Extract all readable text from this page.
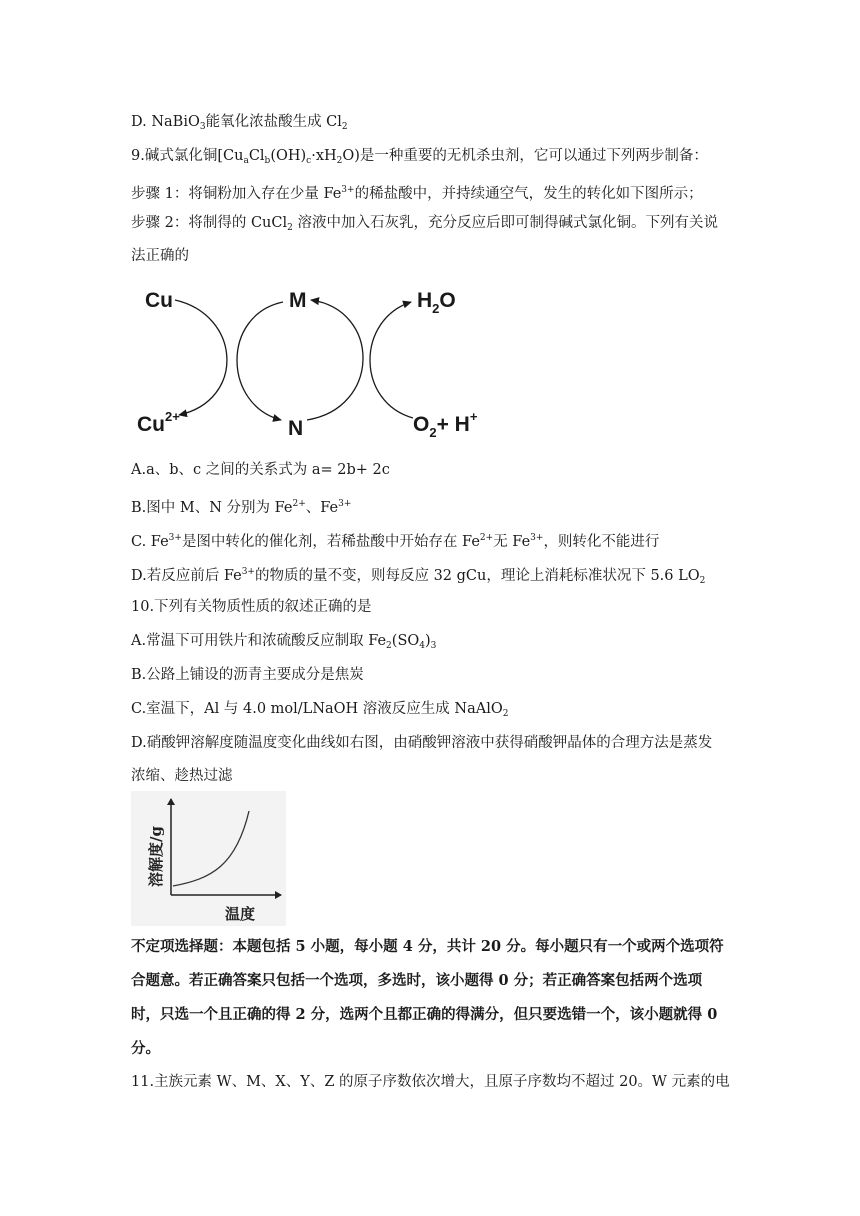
D. NaBiO$_3$能氧化浓盐酸生成 $Cl_2$
9.碱式氯化铜$[Cu_aCl_b(OH)_c\cdot xH_2O)$是一种重要的无机杀虫剂，它可以通过下列两步制备：
步骤 1：将铜粉加入存在少量 $Fe^{3+}$的稀盐酸中，并持续通空气，发生的转化如下图所示；
步骤 2：将制得的 CuCl$_2$ 溶液中加入石灰乳，充分反应后即可制得碱式氯化铜。下列有关说
法正确的
Cu
$Cu^{2+}$
M
N
$H_2O$
$O_2+ H^+$
A.a、b、c 之间的关系式为 a= 2b+ 2c
B.图中 M、N 分别为 $Fe^{2+}$、$Fe^{3+}$
C. $Fe^{3+}$是图中转化的催化剂，若稀盐酸中开始存在 $Fe^{2+}$无 $Fe^{3+}$，则转化不能进行
D.若反应前后 $Fe^{3+}$的物质的量不变，则每反应 32 gCu，理论上消耗标准状况下 5.6 $LO_2$
10.下列有关物质性质的叙述正确的是
A.常温下可用铁片和浓硫酸反应制取 $Fe_2(SO_4)_3$
B.公路上铺设的沥青主要成分是焦炭
C.室温下，Al 与 4.0 mol/LNaOH 溶液反应生成 NaAlO$_2$
D.硝酸钾溶解度随温度变化曲线如右图，由硝酸钾溶液中获得硝酸钾晶体的合理方法是蒸发
浓缩、趁热过滤
溶解度/g
温度
不定项选择题：本题包括 5 小题，每小题 4 分，共计 20 分。每小题只有一个或两个选项符
合题意。若正确答案只包括一个选项，多选时，该小题得 0 分；若正确答案包括两个选项
时，只选一个且正确的得 2 分，选两个且都正确的得满分，但只要选错一个，该小题就得 0
分。
11.主族元素 W、M、X、Y、Z 的原子序数依次增大，且原子序数均不超过 20。W 元素的电
